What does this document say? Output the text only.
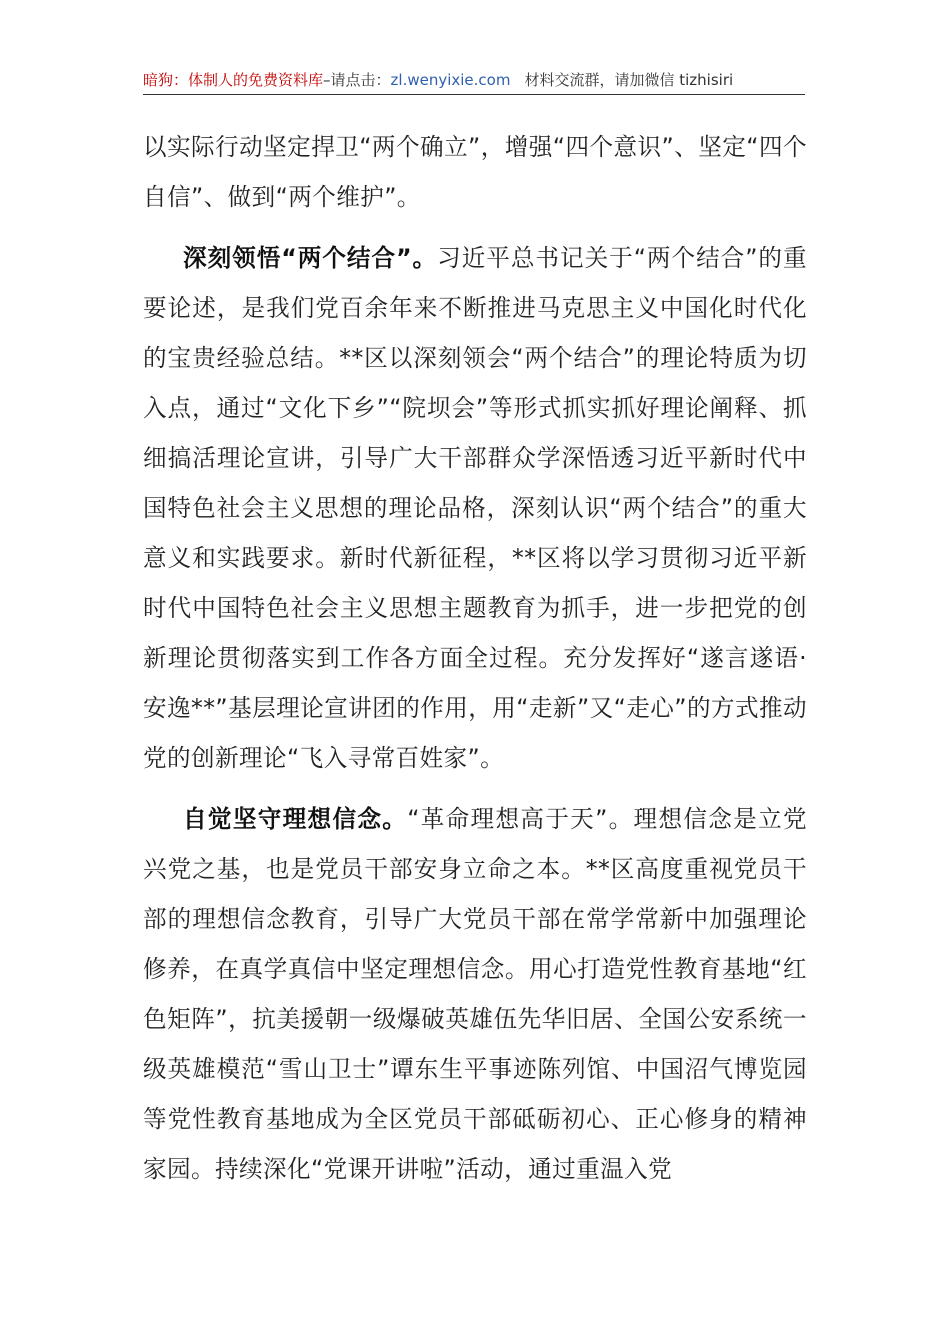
暗狗：体制人的免费资料库–请点击：zl.wenyixie.com 材料交流群，请加微信 tizhisiri

以实际行动坚定捍卫“两个确立”，增强“四个意识”、坚定“四个自信”、做到“两个维护”。

深刻领悟“两个结合”。习近平总书记关于“两个结合”的重要论述，是我们党百余年来不断推进马克思主义中国化时代化的宝贵经验总结。**区以深刻领会“两个结合”的理论特质为切入点，通过“文化下乡”“院坝会”等形式抓实抓好理论阐释、抓细搞活理论宣讲，引导广大干部群众学深悟透习近平新时代中国特色社会主义思想的理论品格，深刻认识“两个结合”的重大意义和实践要求。新时代新征程，**区将以学习贯彻习近平新时代中国特色社会主义思想主题教育为抓手，进一步把党的创新理论贯彻落实到工作各方面全过程。充分发挥好“遂言遂语·安逸**”基层理论宣讲团的作用，用“走新”又“走心”的方式推动党的创新理论“飞入寻常百姓家”。

自觉坚守理想信念。“革命理想高于天”。理想信念是立党兴党之基，也是党员干部安身立命之本。**区高度重视党员干部的理想信念教育，引导广大党员干部在常学常新中加强理论修养，在真学真信中坚定理想信念。用心打造党性教育基地“红色矩阵”，抗美援朝一级爆破英雄伍先华旧居、全国公安系统一级英雄模范“雪山卫士”谭东生平事迹陈列馆、中国沼气博览园等党性教育基地成为全区党员干部砥砺初心、正心修身的精神家园。持续深化“党课开讲啦”活动，通过重温入党
